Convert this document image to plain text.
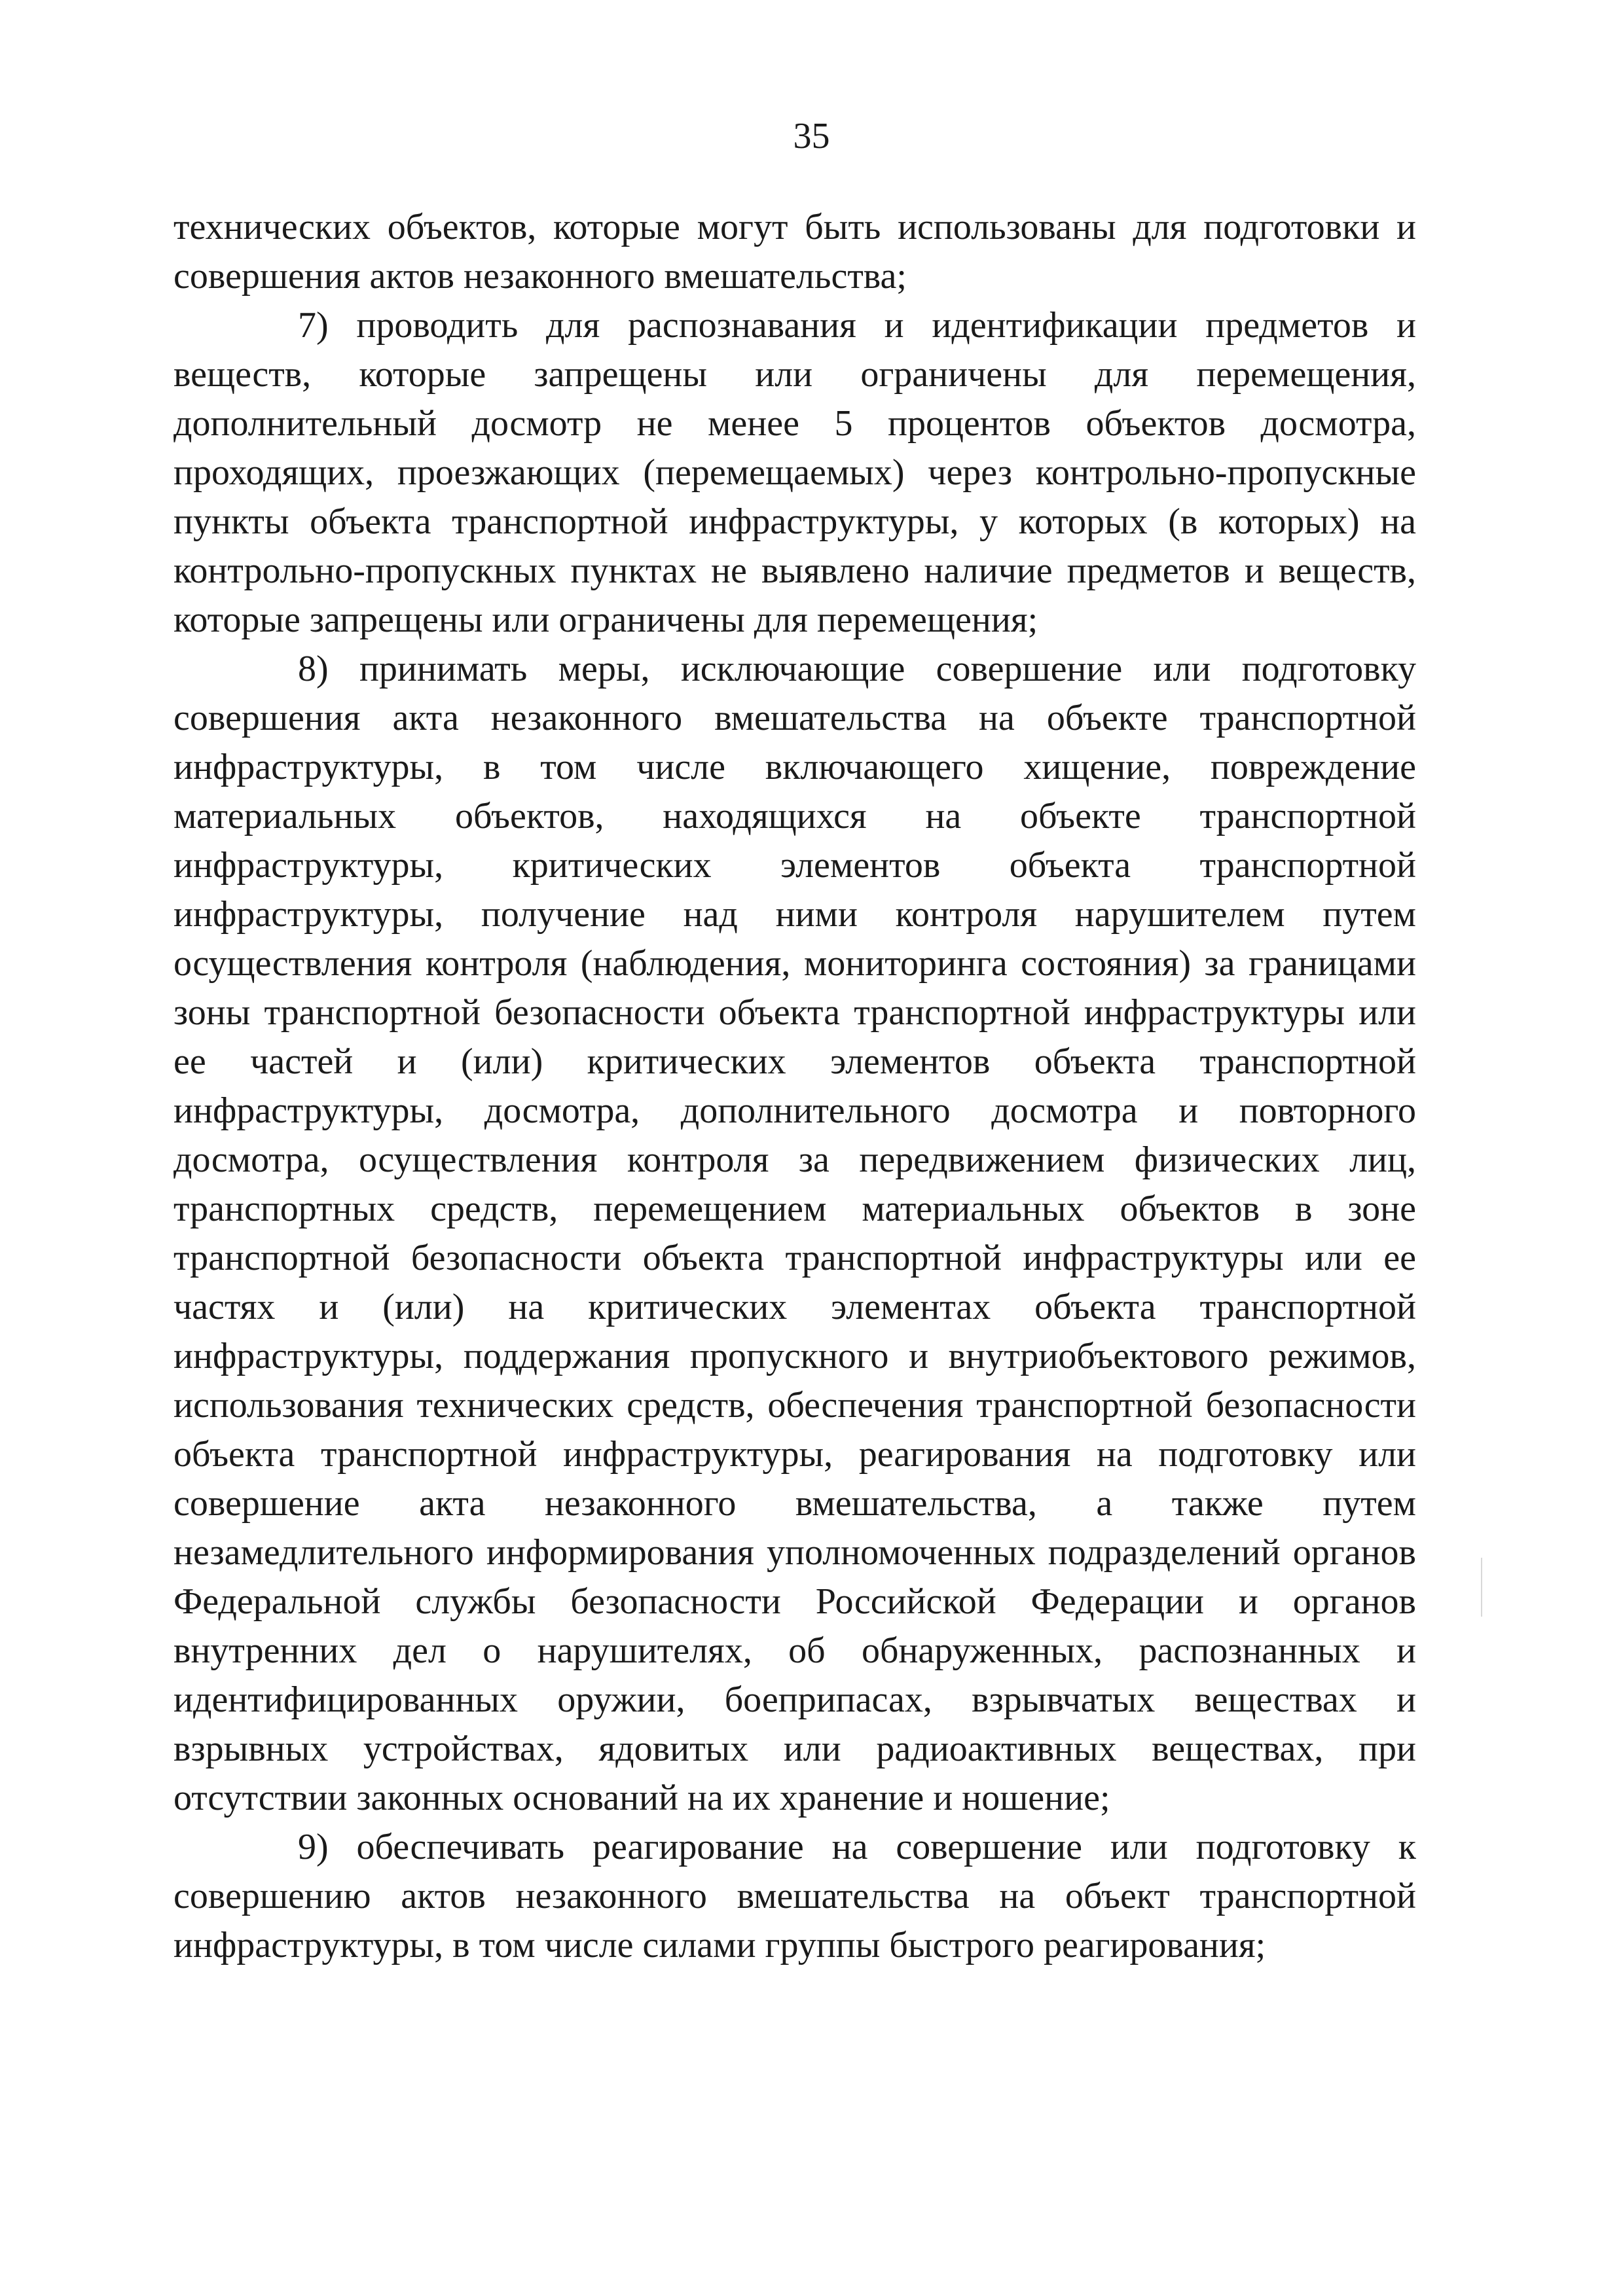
35

технических объектов, которые могут быть использованы для подготовки и совершения актов незаконного вмешательства;

7) проводить для распознавания и идентификации предметов и веществ, которые запрещены или ограничены для перемещения, дополнительный досмотр не менее 5 процентов объектов досмотра, проходящих, проезжающих (перемещаемых) через контрольно-пропускные пункты объекта транспортной инфраструктуры, у которых (в которых) на контрольно-пропускных пунктах не выявлено наличие предметов и веществ, которые запрещены или ограничены для перемещения;

8) принимать меры, исключающие совершение или подготовку совершения акта незаконного вмешательства на объекте транспортной инфраструктуры, в том числе включающего хищение, повреждение материальных объектов, находящихся на объекте транспортной инфраструктуры, критических элементов объекта транспортной инфраструктуры, получение над ними контроля нарушителем путем осуществления контроля (наблюдения, мониторинга состояния) за границами зоны транспортной безопасности объекта транспортной инфраструктуры или ее частей и (или) критических элементов объекта транспортной инфраструктуры, досмотра, дополнительного досмотра и повторного досмотра, осуществления контроля за передвижением физических лиц, транспортных средств, перемещением материальных объектов в зоне транспортной безопасности объекта транспортной инфраструктуры или ее частях и (или) на критических элементах объекта транспортной инфраструктуры, поддержания пропускного и внутриобъектового режимов, использования технических средств, обеспечения транспортной безопасности объекта транспортной инфраструктуры, реагирования на подготовку или совершение акта незаконного вмешательства, а также путем незамедлительного информирования уполномоченных подразделений органов Федеральной службы безопасности Российской Федерации и органов внутренних дел о нарушителях, об обнаруженных, распознанных и идентифицированных оружии, боеприпасах, взрывчатых веществах и взрывных устройствах, ядовитых или радиоактивных веществах, при отсутствии законных оснований на их хранение и ношение;

9) обеспечивать реагирование на совершение или подготовку к совершению актов незаконного вмешательства на объект транспортной инфраструктуры, в том числе силами группы быстрого реагирования;
